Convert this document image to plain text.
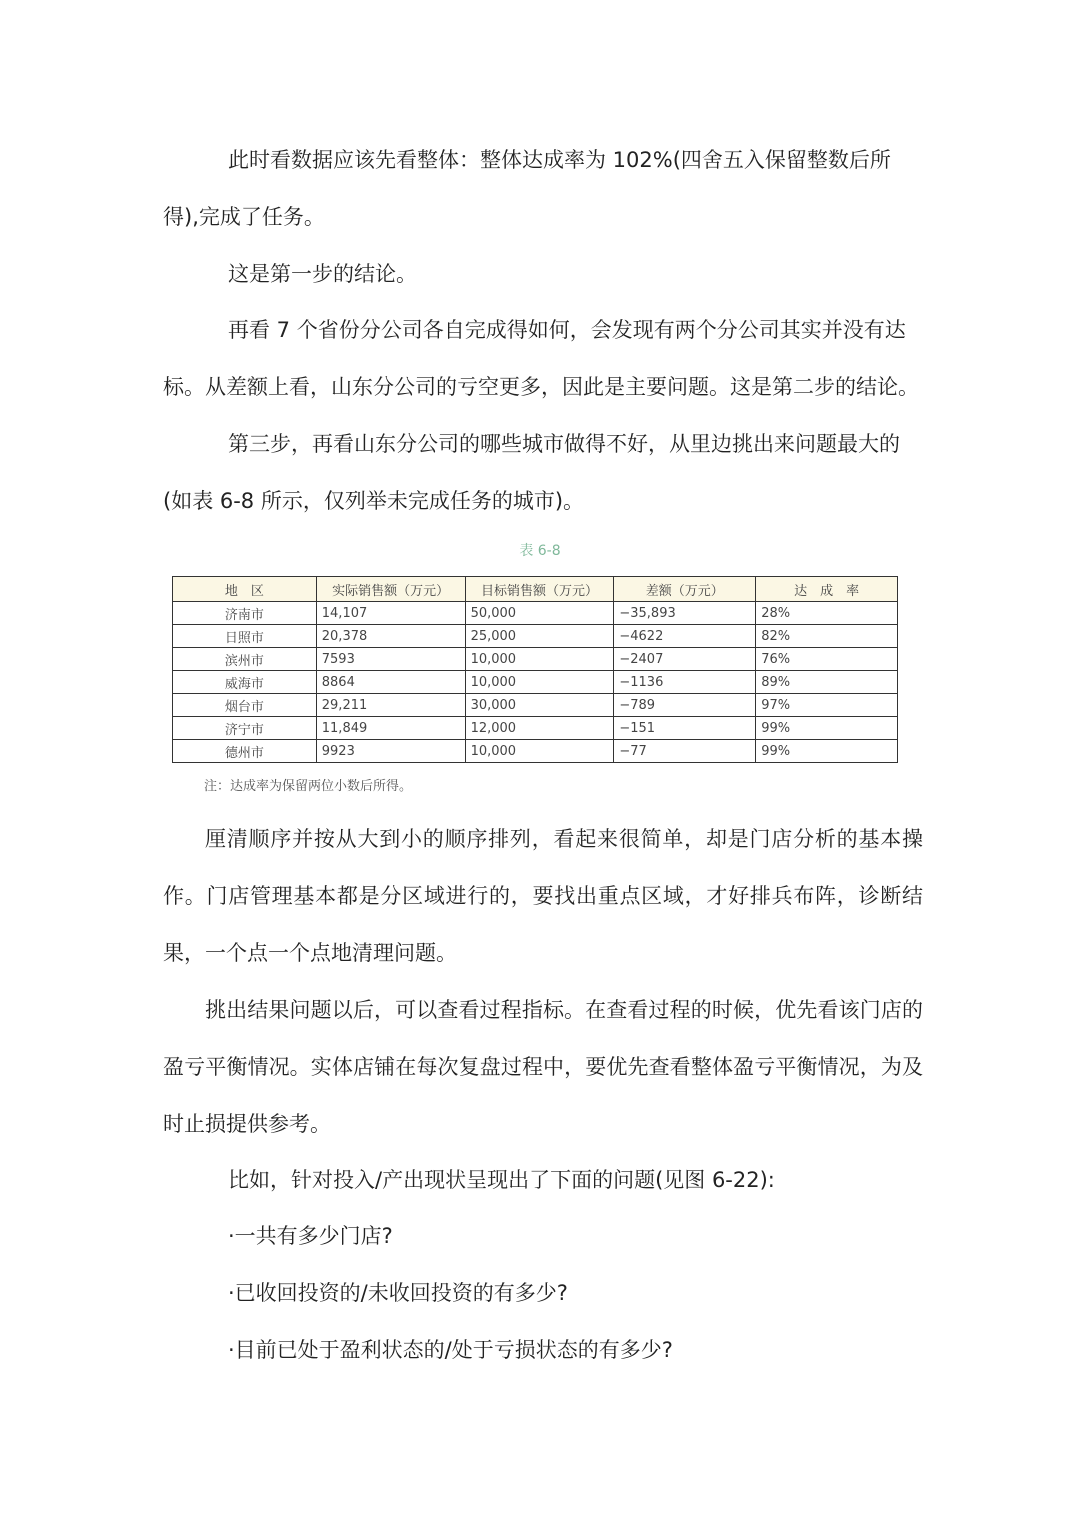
此时看数据应该先看整体：整体达成率为 102%(四舍五入保留整数后所
得),完成了任务。
这是第一步的结论。
再看 7 个省份分公司各自完成得如何，会发现有两个分公司其实并没有达
标。从差额上看，山东分公司的亏空更多，因此是主要问题。这是第二步的结论。
第三步，再看山东分公司的哪些城市做得不好，从里边挑出来问题最大的
(如表 6-8 所示，仅列举未完成任务的城市)。
表 6-8
地　区	实际销售额（万元）	目标销售额（万元）	差额（万元）	达　成　率
济南市	14,107	50,000	−35,893	28%
日照市	20,378	25,000	−4622	82%
滨州市	7593	10,000	−2407	76%
威海市	8864	10,000	−1136	89%
烟台市	29,211	30,000	−789	97%
济宁市	11,849	12,000	−151	99%
德州市	9923	10,000	−77	99%
注：达成率为保留两位小数后所得。

厘清顺序并按从大到小的顺序排列，看起来很简单，却是门店分析的基本操作。门店管理基本都是分区域进行的，要找出重点区域，才好排兵布阵，诊断结果，一个点一个点地清理问题。

挑出结果问题以后，可以查看过程指标。在查看过程的时候，优先看该门店的盈亏平衡情况。实体店铺在每次复盘过程中，要优先查看整体盈亏平衡情况，为及时止损提供参考。

比如，针对投入/产出现状呈现出了下面的问题(见图 6-22):
·一共有多少门店?
·已收回投资的/未收回投资的有多少?
·目前已处于盈利状态的/处于亏损状态的有多少?
